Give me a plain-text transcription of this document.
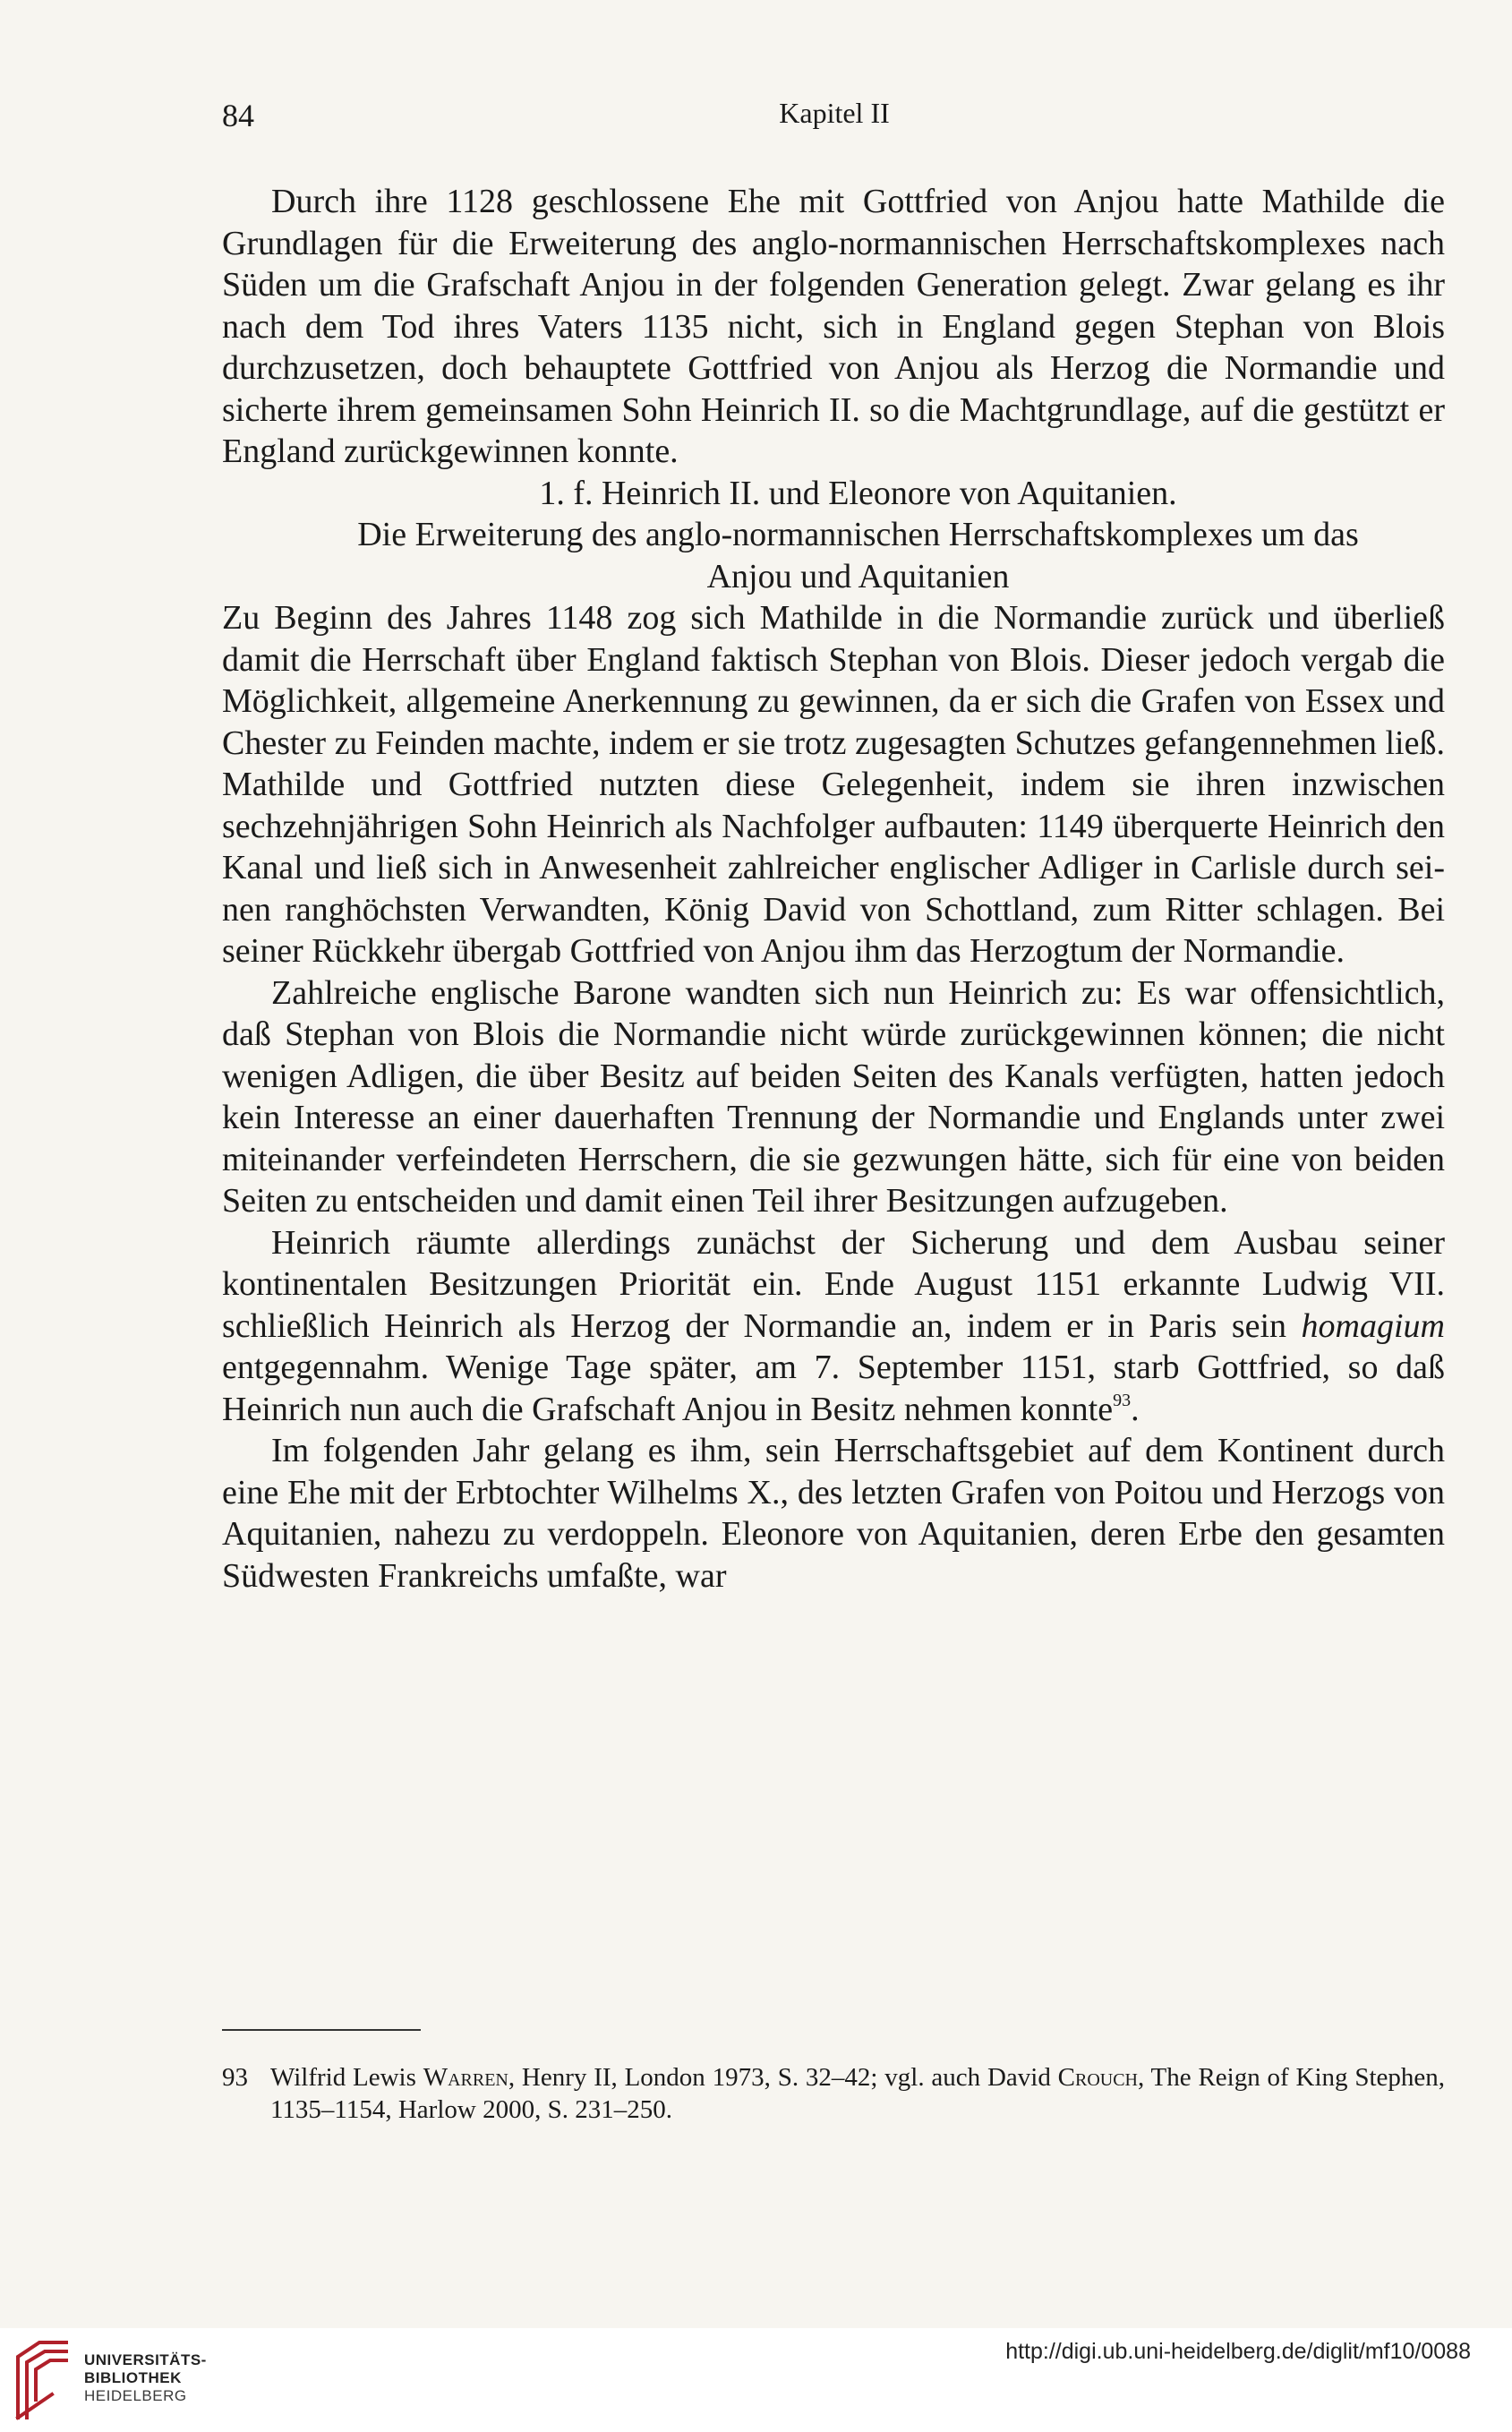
84	Kapitel II

Durch ihre 1128 geschlossene Ehe mit Gottfried von Anjou hatte Mathilde die Grundlagen für die Erweiterung des anglo-normannischen Herrschaftskomplexes nach Süden um die Grafschaft Anjou in der folgenden Generation gelegt. Zwar gelang es ihr nach dem Tod ihres Vaters 1135 nicht, sich in England gegen Stephan von Blois durchzusetzen, doch behauptete Gottfried von Anjou als Herzog die Normandie und sicherte ihrem gemeinsamen Sohn Heinrich II. so die Machtgrundlage, auf die gestützt er England zurückgewinnen konnte.

1. f. Heinrich II. und Eleonore von Aquitanien.
Die Erweiterung des anglo-normannischen Herrschaftskomplexes um das
Anjou und Aquitanien

Zu Beginn des Jahres 1148 zog sich Mathilde in die Normandie zurück und überließ damit die Herrschaft über England faktisch Stephan von Blois. Dieser jedoch vergab die Möglichkeit, allgemeine Anerkennung zu gewinnen, da er sich die Grafen von Essex und Chester zu Feinden machte, indem er sie trotz zugesagten Schutzes gefangennehmen ließ. Mathilde und Gottfried nutzten diese Gelegenheit, indem sie ihren inzwischen sechzehnjährigen Sohn Heinrich als Nachfolger aufbauten: 1149 überquerte Heinrich den Kanal und ließ sich in Anwesenheit zahlreicher englischer Adliger in Carlisle durch seinen ranghöchsten Verwandten, König David von Schottland, zum Ritter schlagen. Bei seiner Rückkehr übergab Gottfried von Anjou ihm das Herzogtum der Normandie.

Zahlreiche englische Barone wandten sich nun Heinrich zu: Es war offensichtlich, daß Stephan von Blois die Normandie nicht würde zurückgewinnen können; die nicht wenigen Adligen, die über Besitz auf beiden Seiten des Kanals verfügten, hatten jedoch kein Interesse an einer dauerhaften Trennung der Normandie und Englands unter zwei miteinander verfeindeten Herrschern, die sie gezwungen hätte, sich für eine von beiden Seiten zu entscheiden und damit einen Teil ihrer Besitzungen aufzugeben.

Heinrich räumte allerdings zunächst der Sicherung und dem Ausbau seiner kontinentalen Besitzungen Priorität ein. Ende August 1151 erkannte Ludwig VII. schließlich Heinrich als Herzog der Normandie an, indem er in Paris sein homagium entgegennahm. Wenige Tage später, am 7. September 1151, starb Gottfried, so daß Heinrich nun auch die Grafschaft Anjou in Besitz nehmen konnte$^{93}$.

Im folgenden Jahr gelang es ihm, sein Herrschaftsgebiet auf dem Kontinent durch eine Ehe mit der Erbtochter Wilhelms X., des letzten Grafen von Poitou und Herzogs von Aquitanien, nahezu zu verdoppeln. Eleonore von Aquitanien, deren Erbe den gesamten Südwesten Frankreichs umfaßte, war

93 Wilfrid Lewis Warren, Henry II, London 1973, S. 32–42; vgl. auch David Crouch, The Reign of King Stephen, 1135–1154, Harlow 2000, S. 231–250.
UNIVERSITÄTS-
BIBLIOTHEK
HEIDELBERG
http://digi.ub.uni-heidelberg.de/diglit/mf10/0088
